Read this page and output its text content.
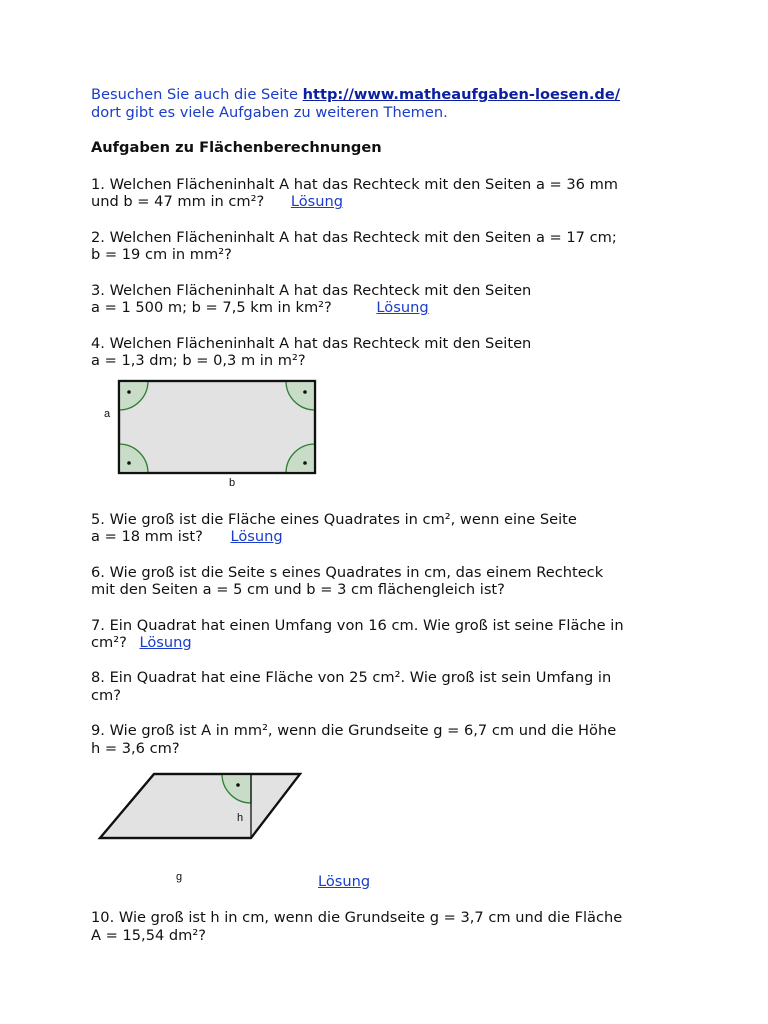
Besuchen Sie auch die Seite http://www.matheaufgaben-loesen.de/
dort gibt es viele Aufgaben zu weiteren Themen.
Aufgaben zu Flächenberechnungen
1. Welchen Flächeninhalt A hat das Rechteck mit den Seiten a = 36 mm
und b = 47 mm in cm²? Lösung
2. Welchen Flächeninhalt A hat das Rechteck mit den Seiten a = 17 cm;
b = 19 cm in mm²?
3. Welchen Flächeninhalt A hat das Rechteck mit den Seiten
a = 1 500 m; b = 7,5 km in km²?	Lösung
4. Welchen Flächeninhalt A hat das Rechteck mit den Seiten
a = 1,3 dm; b = 0,3 m in m²?
a
b
5. Wie groß ist die Fläche eines Quadrates in cm², wenn eine Seite
a = 18 mm ist? Lösung
6. Wie groß ist die Seite s eines Quadrates in cm, das einem Rechteck
mit den Seiten a = 5 cm und b = 3 cm flächengleich ist?
7. Ein Quadrat hat einen Umfang von 16 cm. Wie groß ist seine Fläche in
cm²? Lösung
8. Ein Quadrat hat eine Fläche von 25 cm². Wie groß ist sein Umfang in
cm?
9. Wie groß ist A in mm², wenn die Grundseite g = 6,7 cm und die Höhe
h = 3,6 cm?
h
g	Lösung
10. Wie groß ist h in cm, wenn die Grundseite g = 3,7 cm und die Fläche
A = 15,54 dm²?
